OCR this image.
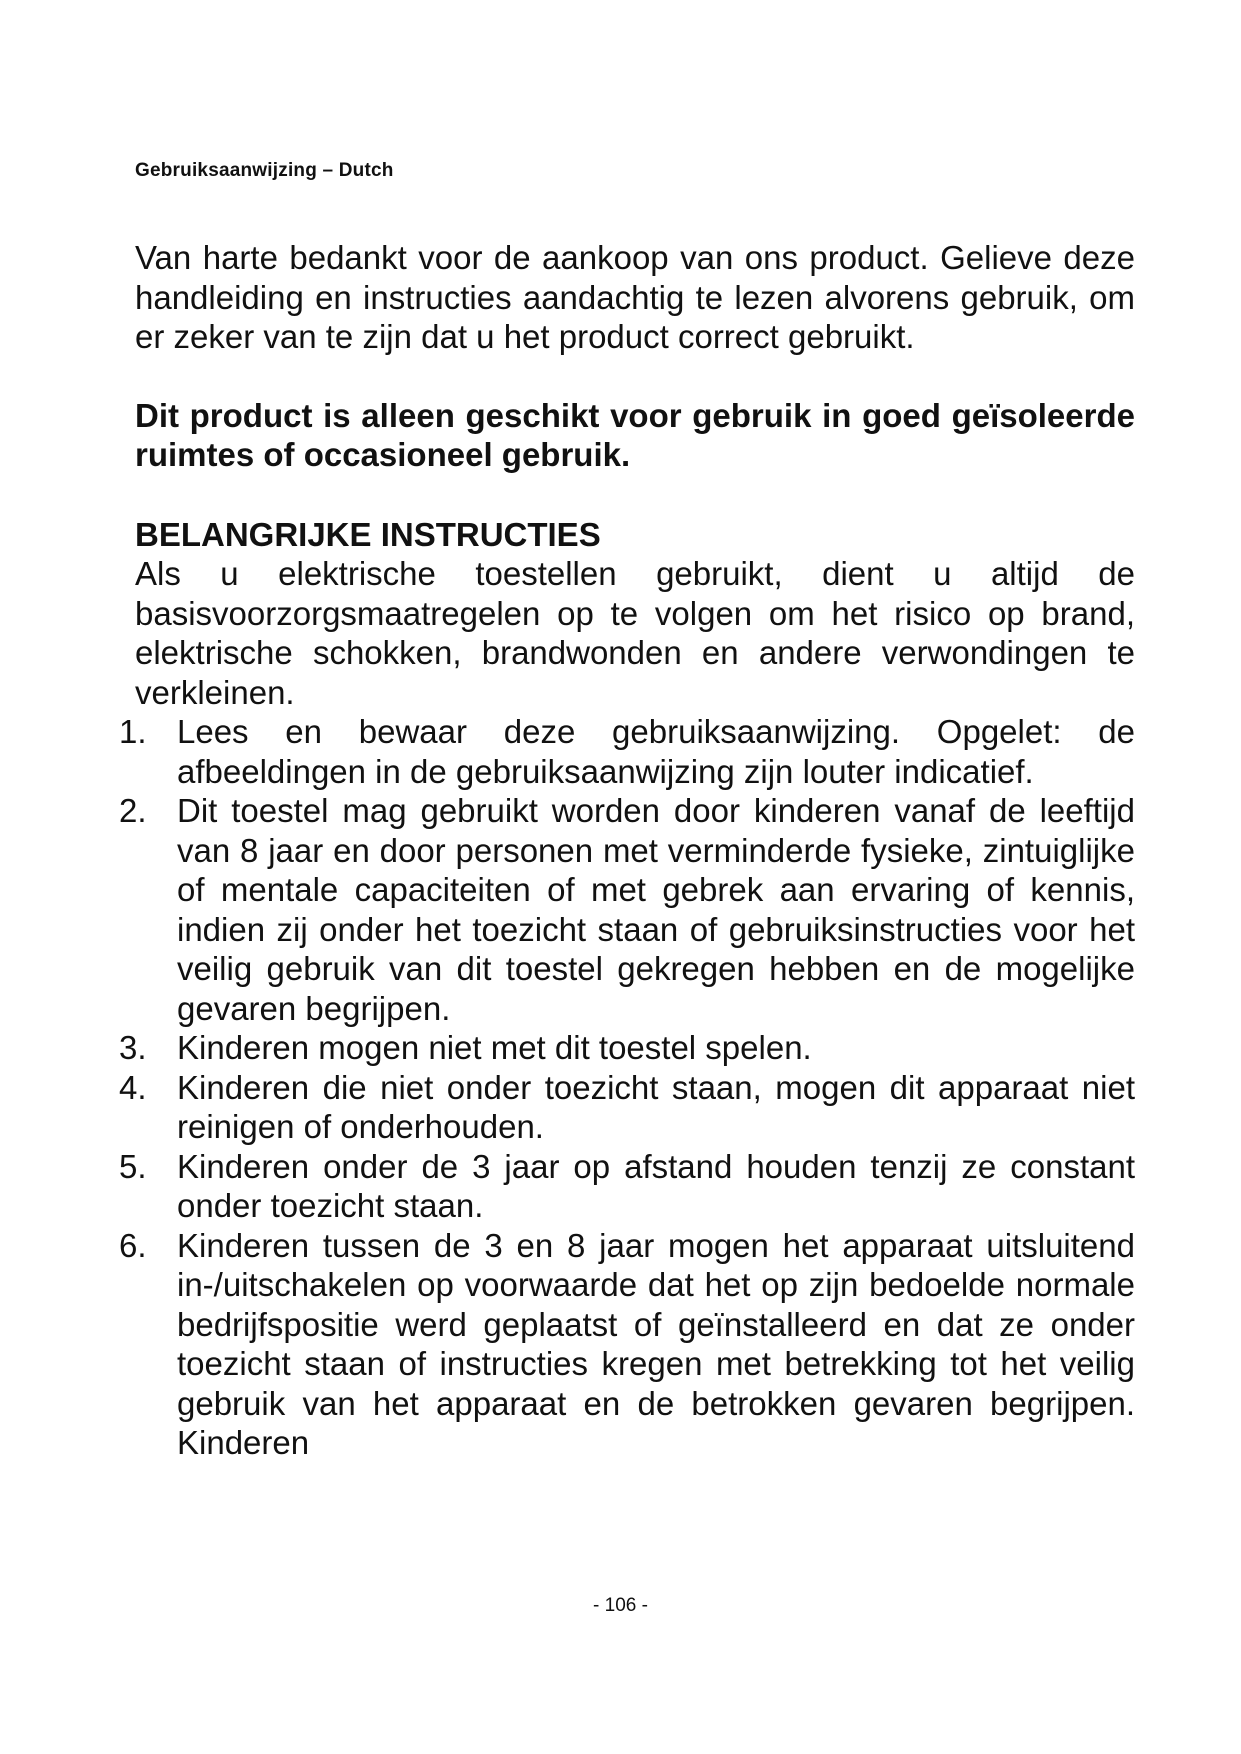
Gebruiksaanwijzing – Dutch

Van harte bedankt voor de aankoop van ons product. Gelieve deze handleiding en instructies aandachtig te lezen alvorens gebruik, om er zeker van te zijn dat u het product correct gebruikt.

Dit product is alleen geschikt voor gebruik in goed geïsoleerde ruimtes of occasioneel gebruik.

BELANGRIJKE INSTRUCTIES

Als u elektrische toestellen gebruikt, dient u altijd de basisvoorzorgsmaatregelen op te volgen om het risico op brand, elektrische schokken, brandwonden en andere verwondingen te verkleinen.

1. Lees en bewaar deze gebruiksaanwijzing. Opgelet: de afbeeldingen in de gebruiksaanwijzing zijn louter indicatief.
2. Dit toestel mag gebruikt worden door kinderen vanaf de leeftijd van 8 jaar en door personen met verminderde fysieke, zintuiglijke of mentale capaciteiten of met gebrek aan ervaring of kennis, indien zij onder het toezicht staan of gebruiksinstructies voor het veilig gebruik van dit toestel gekregen hebben en de mogelijke gevaren begrijpen.
3. Kinderen mogen niet met dit toestel spelen.
4. Kinderen die niet onder toezicht staan, mogen dit apparaat niet reinigen of onderhouden.
5. Kinderen onder de 3 jaar op afstand houden tenzij ze constant onder toezicht staan.
6. Kinderen tussen de 3 en 8 jaar mogen het apparaat uitsluitend in-/uitschakelen op voorwaarde dat het op zijn bedoelde normale bedrijfspositie werd geplaatst of geïnstalleerd en dat ze onder toezicht staan of instructies kregen met betrekking tot het veilig gebruik van het apparaat en de betrokken gevaren begrijpen. Kinderen
- 106 -
